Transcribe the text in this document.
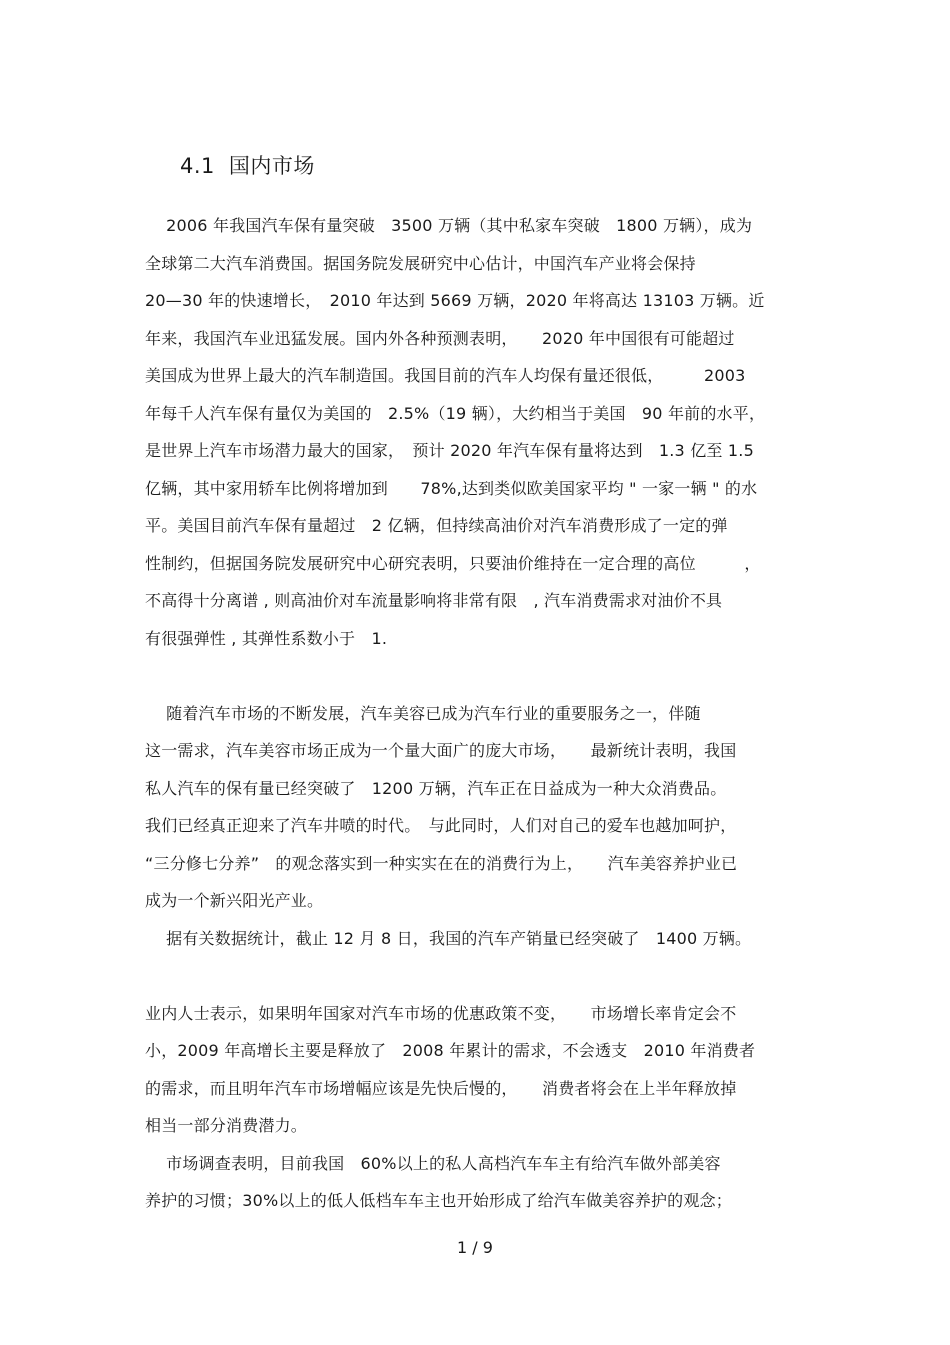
4.1 国内市场
2006 年我国汽车保有量突破　3500 万辆（其中私家车突破　1800 万辆），成为
全球第二大汽车消费国。据国务院发展研究中心估计，中国汽车产业将会保持
20—30 年的快速增长，　2010 年达到 5669 万辆，2020 年将高达 13103 万辆。近
年来，我国汽车业迅猛发展。国内外各种预测表明，　　2020 年中国很有可能超过
美国成为世界上最大的汽车制造国。我国目前的汽车人均保有量还很低，　　　2003
年每千人汽车保有量仅为美国的　2.5%（19 辆），大约相当于美国　90 年前的水平，
是世界上汽车市场潜力最大的国家，　预计 2020 年汽车保有量将达到　1.3 亿至 1.5
亿辆，其中家用轿车比例将增加到　　78%,达到类似欧美国家平均 " 一家一辆 " 的水
平。美国目前汽车保有量超过　2 亿辆，但持续高油价对汽车消费形成了一定的弹
性制约，但据国务院发展研究中心研究表明，只要油价维持在一定合理的高位　　　，
不高得十分离谱 , 则高油价对车流量影响将非常有限　, 汽车消费需求对油价不具
有很强弹性 , 其弹性系数小于　1.
随着汽车市场的不断发展，汽车美容已成为汽车行业的重要服务之一，伴随
这一需求，汽车美容市场正成为一个量大面广的庞大市场，　　最新统计表明，我国
私人汽车的保有量已经突破了　1200 万辆，汽车正在日益成为一种大众消费品。
我们已经真正迎来了汽车井喷的时代。　与此同时，人们对自己的爱车也越加呵护，
“三分修七分养”　的观念落实到一种实实在在的消费行为上，　　汽车美容养护业已
成为一个新兴阳光产业。
据有关数据统计，截止 12 月 8 日，我国的汽车产销量已经突破了　1400 万辆。
业内人士表示，如果明年国家对汽车市场的优惠政策不变，　　市场增长率肯定会不
小，2009 年高增长主要是释放了　2008 年累计的需求，不会透支　2010 年消费者
的需求，而且明年汽车市场增幅应该是先快后慢的，　　消费者将会在上半年释放掉
相当一部分消费潜力。
市场调查表明，目前我国　60%以上的私人高档汽车车主有给汽车做外部美容
养护的习惯；30%以上的低人低档车车主也开始形成了给汽车做美容养护的观念；
1 / 9
